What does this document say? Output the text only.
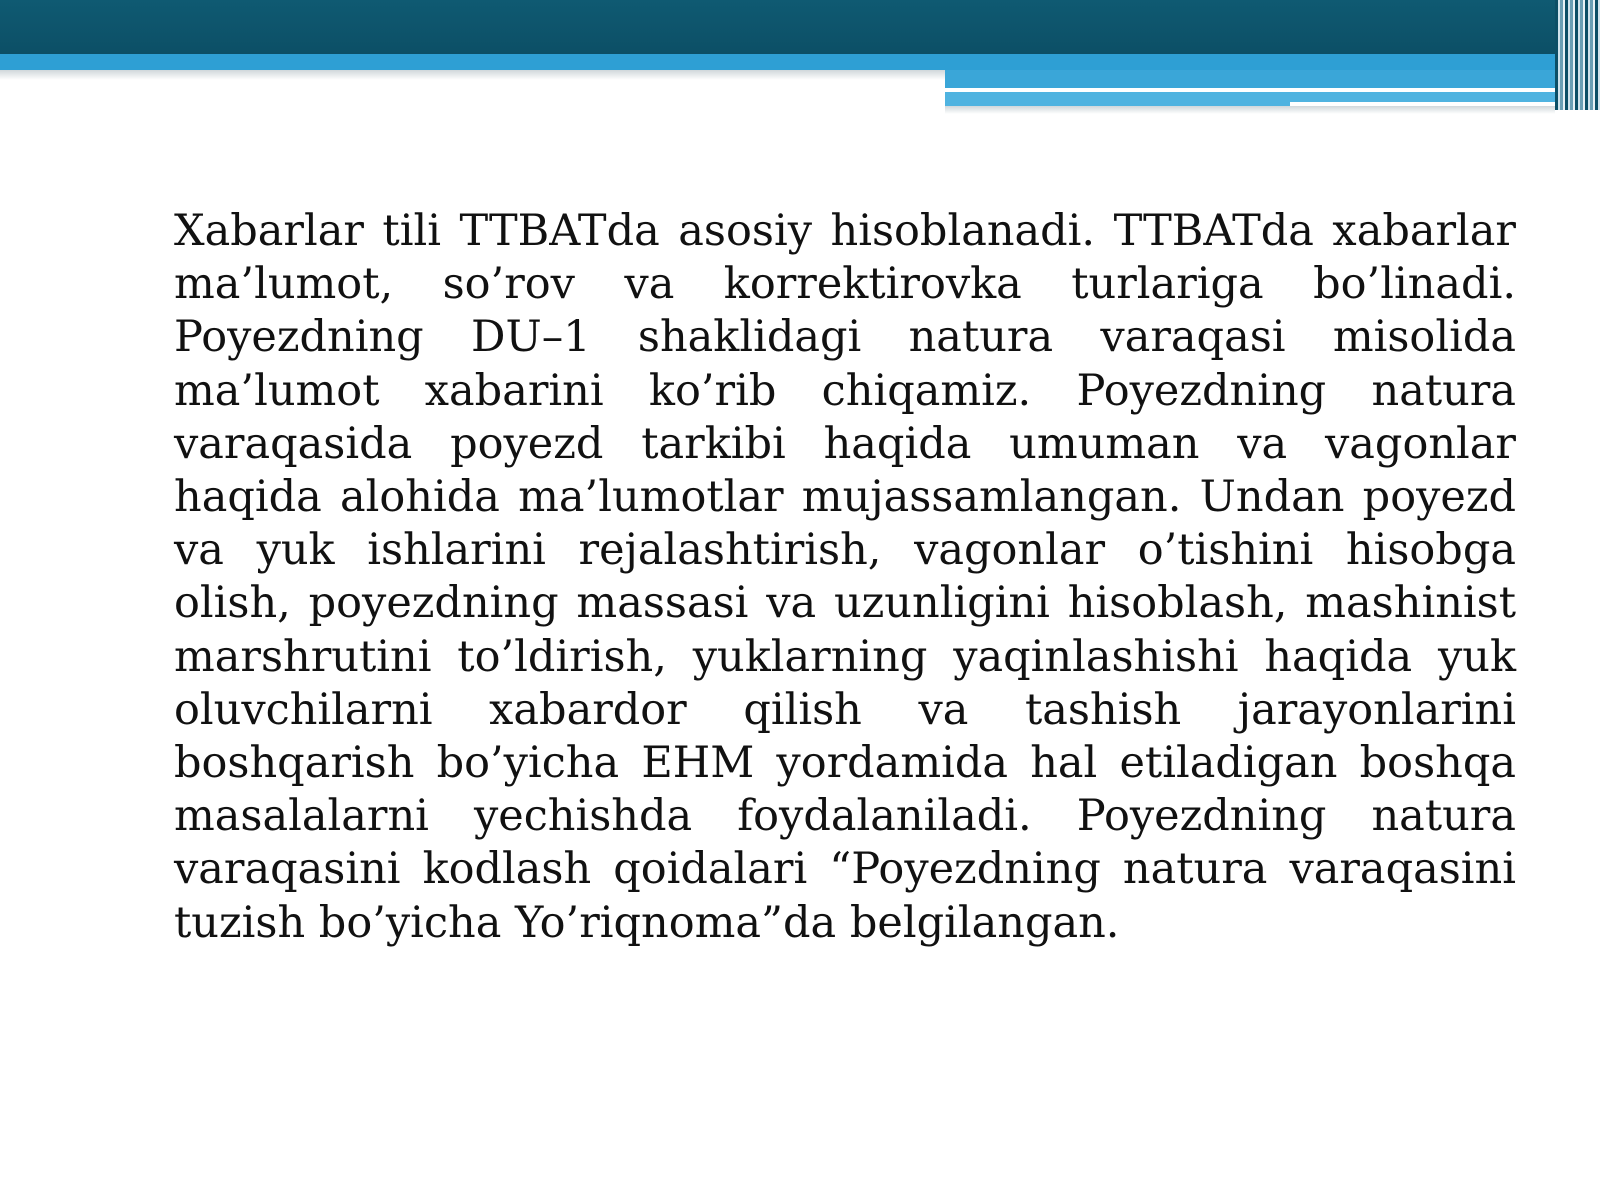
Xabarlar tili TTBATda asosiy hisoblanadi. TTBATda xabarlar ma’lumot, so’rov va korrektirovka turlariga bo’linadi. Poyezdning DU–1 shaklidagi natura varaqasi misolida ma’lumot xabarini ko’rib chiqamiz. Poyezdning natura varaqasida poyezd tarkibi haqida umuman va vagonlar haqida alohida ma’lumotlar mujassamlangan. Undan poyezd va yuk ishlarini rejalashtirish, vagonlar o’tishini hisobga olish, poyezdning massasi va uzunligini hisoblash, mashinist marshrutini to’ldirish, yuklarning yaqinlashishi haqida yuk oluvchilarni xabardor qilish va tashish jarayonlarini boshqarish bo’yicha EHM yordamida hal etiladigan boshqa masalalarni yechishda foydalaniladi. Poyezdning natura varaqasini kodlash qoidalari “Poyezdning natura varaqasini tuzish bo’yicha Yo’riqnoma”da belgilangan.
